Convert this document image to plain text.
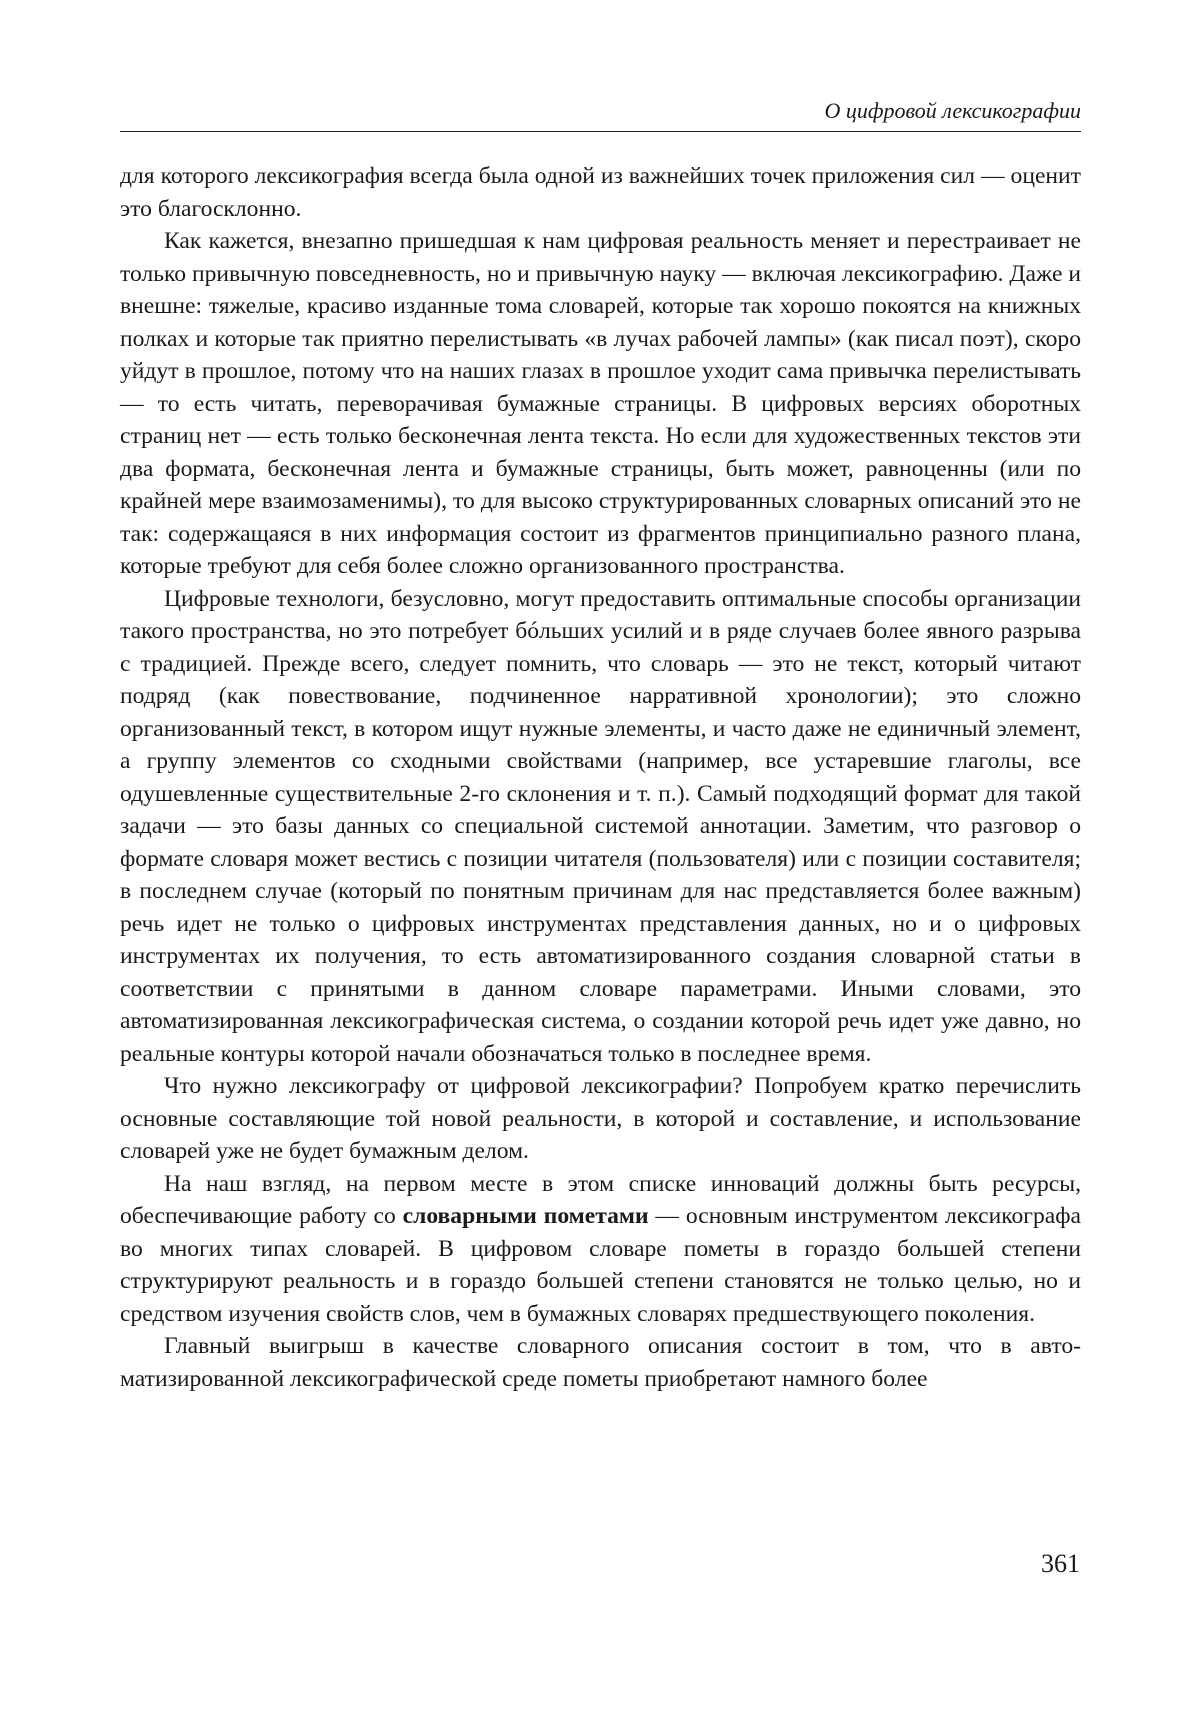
О цифровой лексикографии

для которого лексикография всегда была одной из важнейших точек приложения сил — оценит это благосклонно.

Как кажется, внезапно пришедшая к нам цифровая реальность меняет и перестраивает не только привычную повседневность, но и привычную науку — включая лексикографию. Даже и внешне: тяжелые, красиво изданные тома словарей, которые так хорошо покоятся на книжных полках и которые так приятно перелистывать «в лучах рабочей лампы» (как писал поэт), скоро уйдут в прошлое, потому что на наших глазах в прошлое уходит сама привычка перелистывать — то есть читать, переворачивая бумажные страницы. В цифровых версиях оборотных страниц нет — есть только бесконечная лента текста. Но если для художественных текстов эти два формата, бесконечная лента и бумажные страницы, быть может, равноценны (или по крайней мере взаимозаменимы), то для высоко структурированных словарных описаний это не так: содержащаяся в них информация состоит из фрагментов принципиально разного плана, которые требуют для себя более сложно организованного пространства.

Цифровые технологи, безусловно, могут предоставить оптимальные способы организации такого пространства, но это потребует бóльших усилий и в ряде случаев более явного разрыва с традицией. Прежде всего, следует помнить, что словарь — это не текст, который читают подряд (как повествование, подчиненное нарративной хронологии); это сложно организованный текст, в котором ищут нужные элементы, и часто даже не единичный элемент, а группу элементов со сходными свойствами (например, все устаревшие глаголы, все одушевленные существительные 2-го склонения и т. п.). Самый подходящий формат для такой задачи — это базы данных со специальной системой аннотации. Заметим, что разговор о формате словаря может вестись с позиции читателя (пользователя) или с позиции составителя; в последнем случае (который по понятным причинам для нас представляется более важным) речь идет не только о цифровых инструментах представления данных, но и о цифровых инструментах их получения, то есть автоматизированного создания словарной статьи в соответствии с принятыми в данном словаре параметрами. Иными словами, это автоматизированная лексикографическая система, о создании которой речь идет уже давно, но реальные контуры которой начали обозначаться только в последнее время.

Что нужно лексикографу от цифровой лексикографии? Попробуем кратко перечислить основные составляющие той новой реальности, в которой и составление, и использование словарей уже не будет бумажным делом.

На наш взгляд, на первом месте в этом списке инноваций должны быть ресурсы, обеспечивающие работу со словарными пометами — основным инструментом лексикографа во многих типах словарей. В цифровом словаре пометы в гораздо большей степени структурируют реальность и в гораздо большей степени становятся не только целью, но и средством изучения свойств слов, чем в бумажных словарях предшествующего поколения.

Главный выигрыш в качестве словарного описания состоит в том, что в автоматизированной лексикографической среде пометы приобретают намного более

361
